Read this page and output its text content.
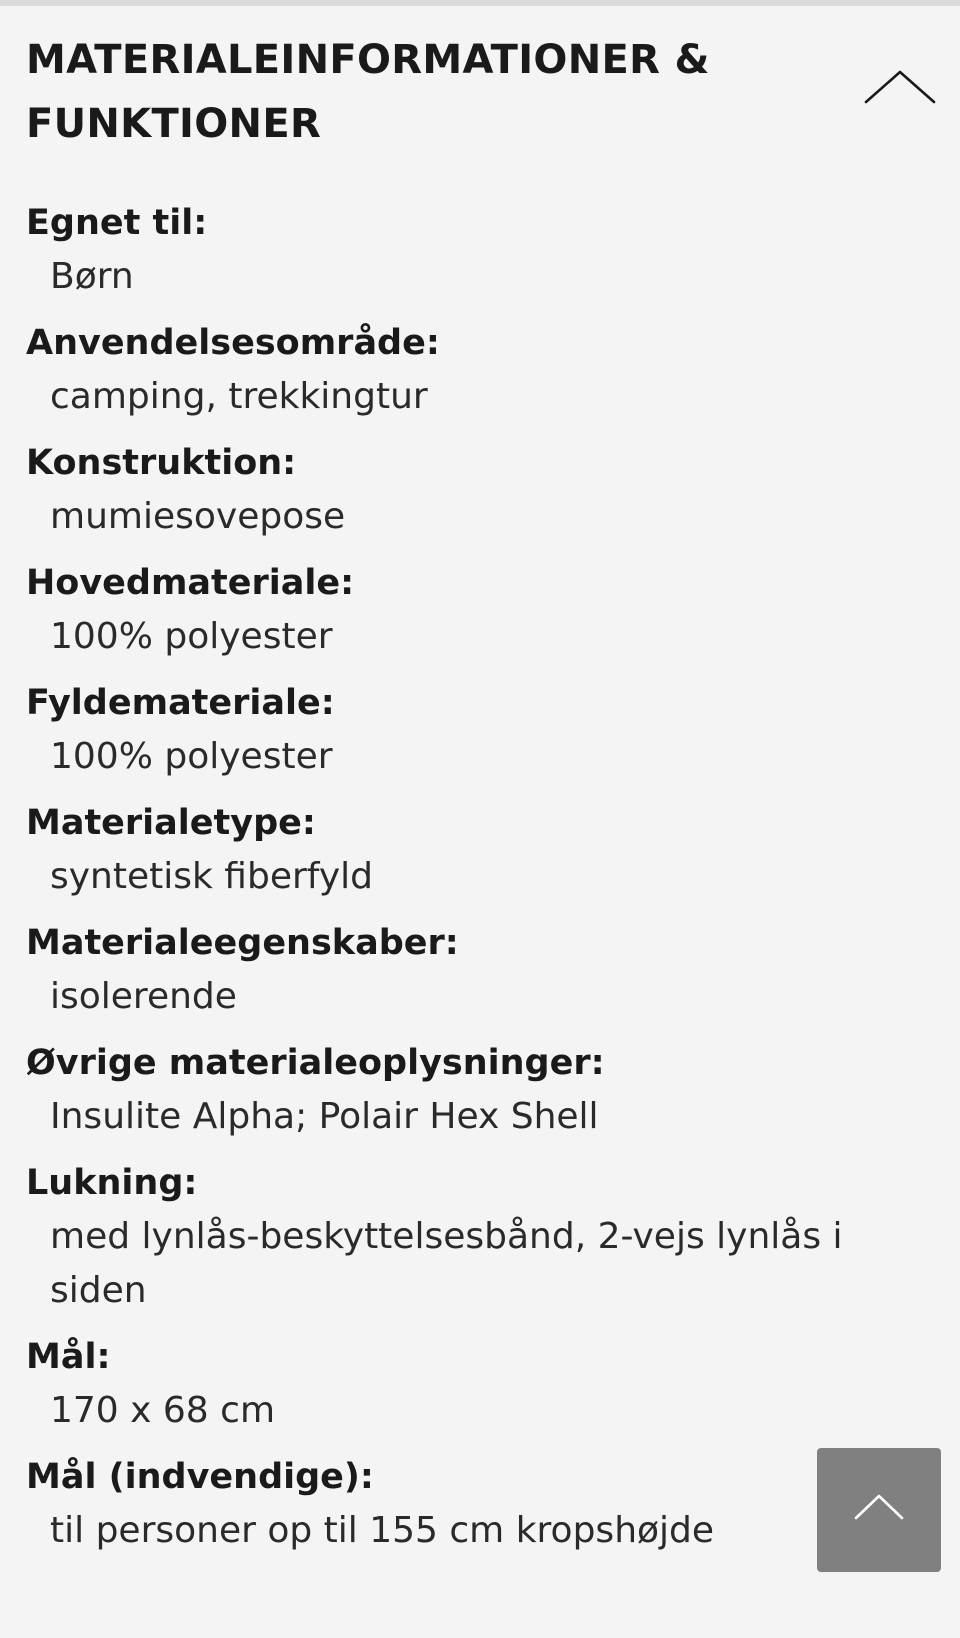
MATERIALEINFORMATIONER & FUNKTIONER
Egnet til:
Børn
Anvendelsesområde:
camping, trekkingtur
Konstruktion:
mumiesovepose
Hovedmateriale:
100% polyester
Fyldemateriale:
100% polyester
Materialetype:
syntetisk fiberfyld
Materialeegenskaber:
isolerende
Øvrige materialeoplysninger:
Insulite Alpha; Polair Hex Shell
Lukning:
med lynlås-beskyttelsesbånd, 2-vejs lynlås i siden
Mål:
170 x 68 cm
Mål (indvendige):
til personer op til 155 cm kropshøjde
